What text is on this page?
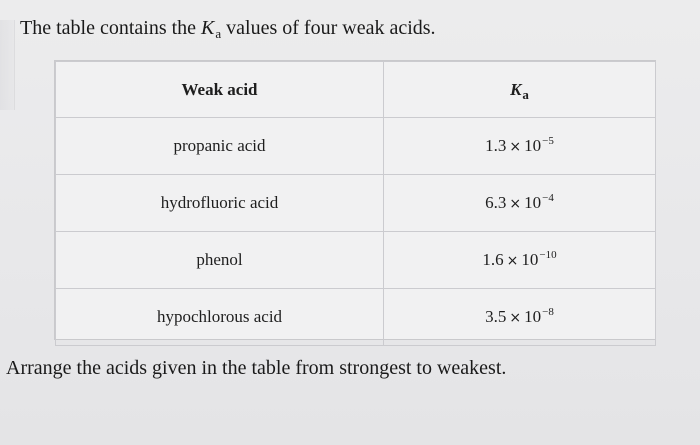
The table contains the $K_a$ values of four weak acids.
Weak acid	$K_a$
propanic acid	$1.3 \times 10^{-5}$
hydrofluoric acid	$6.3 \times 10^{-4}$
phenol	$1.6 \times 10^{-10}$
hypochlorous acid	$3.5 \times 10^{-8}$
Arrange the acids given in the table from strongest to weakest.
